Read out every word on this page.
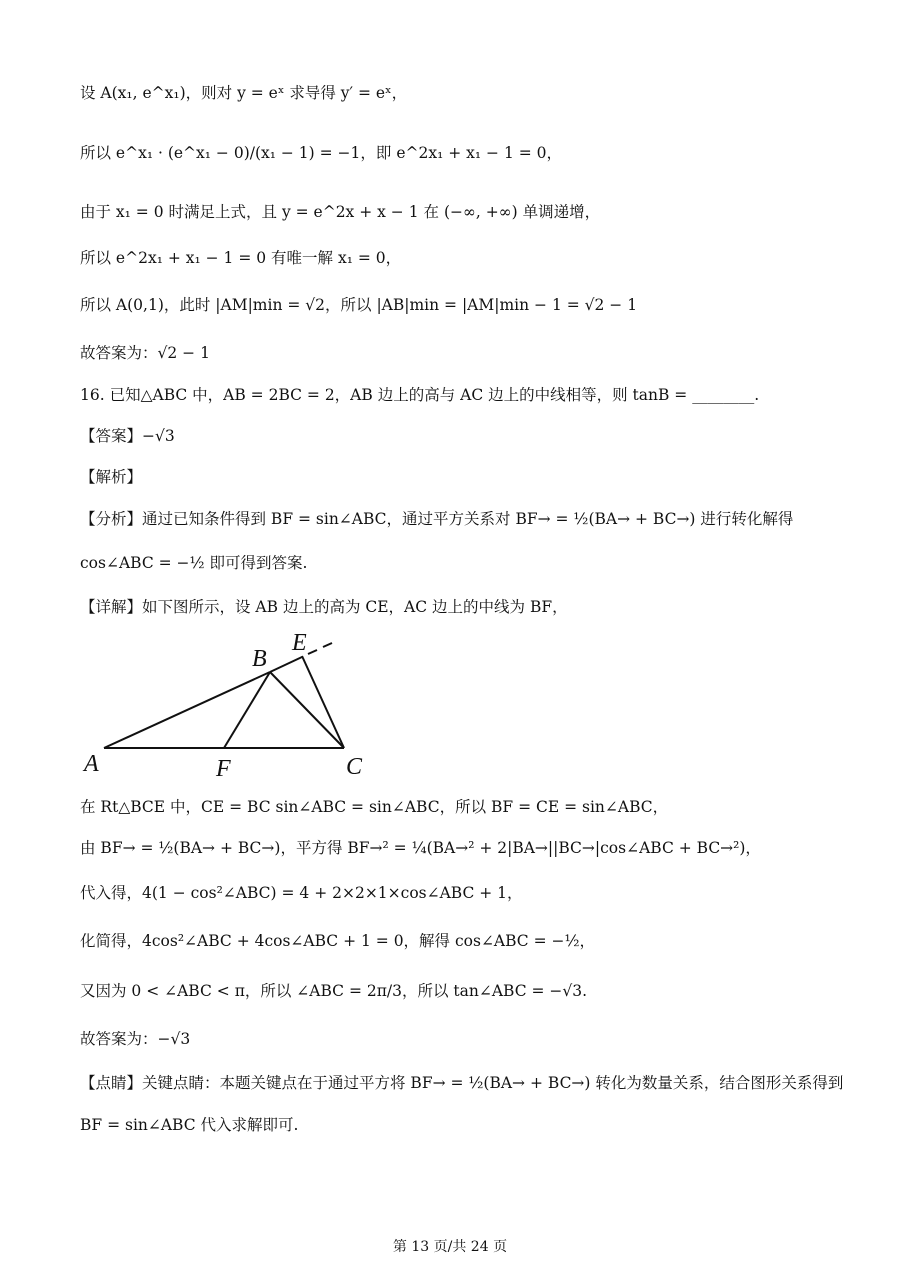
设 A(x₁, e^x₁)，则对 y = eˣ 求导得 y′ = eˣ，
所以 e^x₁ · (e^x₁ − 0)/(x₁ − 1) = −1，即 e^2x₁ + x₁ − 1 = 0，
由于 x₁ = 0 时满足上式，且 y = e^2x + x − 1 在 (−∞, +∞) 单调递增，
所以 e^2x₁ + x₁ − 1 = 0 有唯一解 x₁ = 0，
所以 A(0,1)，此时 |AM|min = √2，所以 |AB|min = |AM|min − 1 = √2 − 1
故答案为：√2 − 1
16. 已知△ABC 中，AB = 2BC = 2，AB 边上的高与 AC 边上的中线相等，则 tanB = ________.
【答案】−√3
【解析】
【分析】通过已知条件得到 BF = sin∠ABC，通过平方关系对 BF→ = ½(BA→ + BC→) 进行转化解得
cos∠ABC = −½ 即可得到答案.
【详解】如下图所示，设 AB 边上的高为 CE，AC 边上的中线为 BF，
A
B
C
E
F
在 Rt△BCE 中，CE = BC sin∠ABC = sin∠ABC，所以 BF = CE = sin∠ABC，
由 BF→ = ½(BA→ + BC→)，平方得 BF→² = ¼(BA→² + 2|BA→||BC→|cos∠ABC + BC→²)，
代入得，4(1 − cos²∠ABC) = 4 + 2×2×1×cos∠ABC + 1，
化简得，4cos²∠ABC + 4cos∠ABC + 1 = 0，解得 cos∠ABC = −½，
又因为 0 < ∠ABC < π，所以 ∠ABC = 2π/3，所以 tan∠ABC = −√3.
故答案为：−√3
【点睛】关键点睛：本题关键点在于通过平方将 BF→ = ½(BA→ + BC→) 转化为数量关系，结合图形关系得到
BF = sin∠ABC 代入求解即可.
第 13 页/共 24 页
